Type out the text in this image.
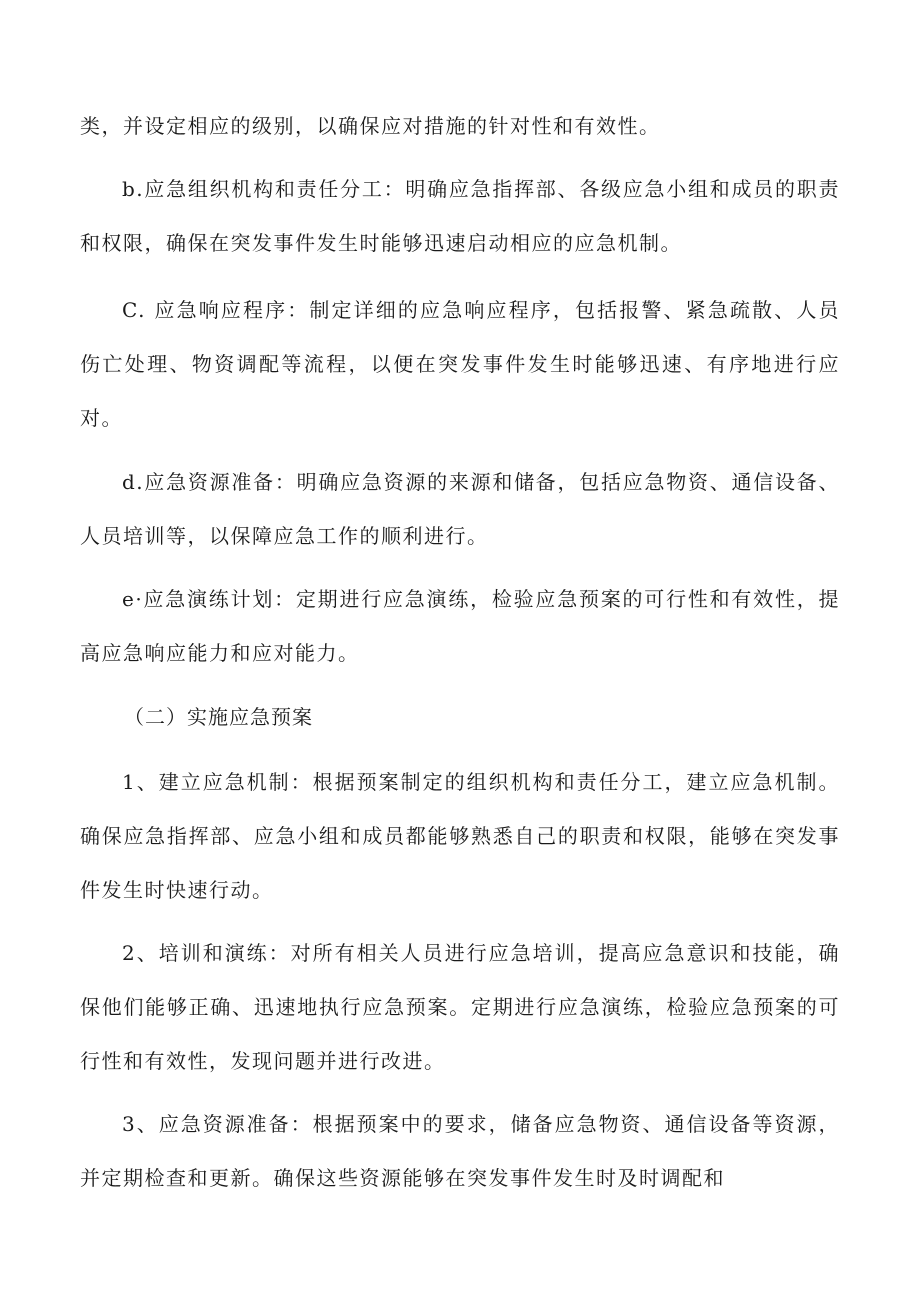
类，并设定相应的级别，以确保应对措施的针对性和有效性。

b.应急组织机构和责任分工：明确应急指挥部、各级应急小组和成员的职责和权限，确保在突发事件发生时能够迅速启动相应的应急机制。

C. 应急响应程序：制定详细的应急响应程序，包括报警、紧急疏散、人员伤亡处理、物资调配等流程，以便在突发事件发生时能够迅速、有序地进行应对。

d.应急资源准备：明确应急资源的来源和储备，包括应急物资、通信设备、人员培训等，以保障应急工作的顺利进行。

e·应急演练计划：定期进行应急演练，检验应急预案的可行性和有效性，提高应急响应能力和应对能力。

（二）实施应急预案

1、建立应急机制：根据预案制定的组织机构和责任分工，建立应急机制。确保应急指挥部、应急小组和成员都能够熟悉自己的职责和权限，能够在突发事件发生时快速行动。

2、培训和演练：对所有相关人员进行应急培训，提高应急意识和技能，确保他们能够正确、迅速地执行应急预案。定期进行应急演练，检验应急预案的可行性和有效性，发现问题并进行改进。

3、应急资源准备：根据预案中的要求，储备应急物资、通信设备等资源，并定期检查和更新。确保这些资源能够在突发事件发生时及时调配和
